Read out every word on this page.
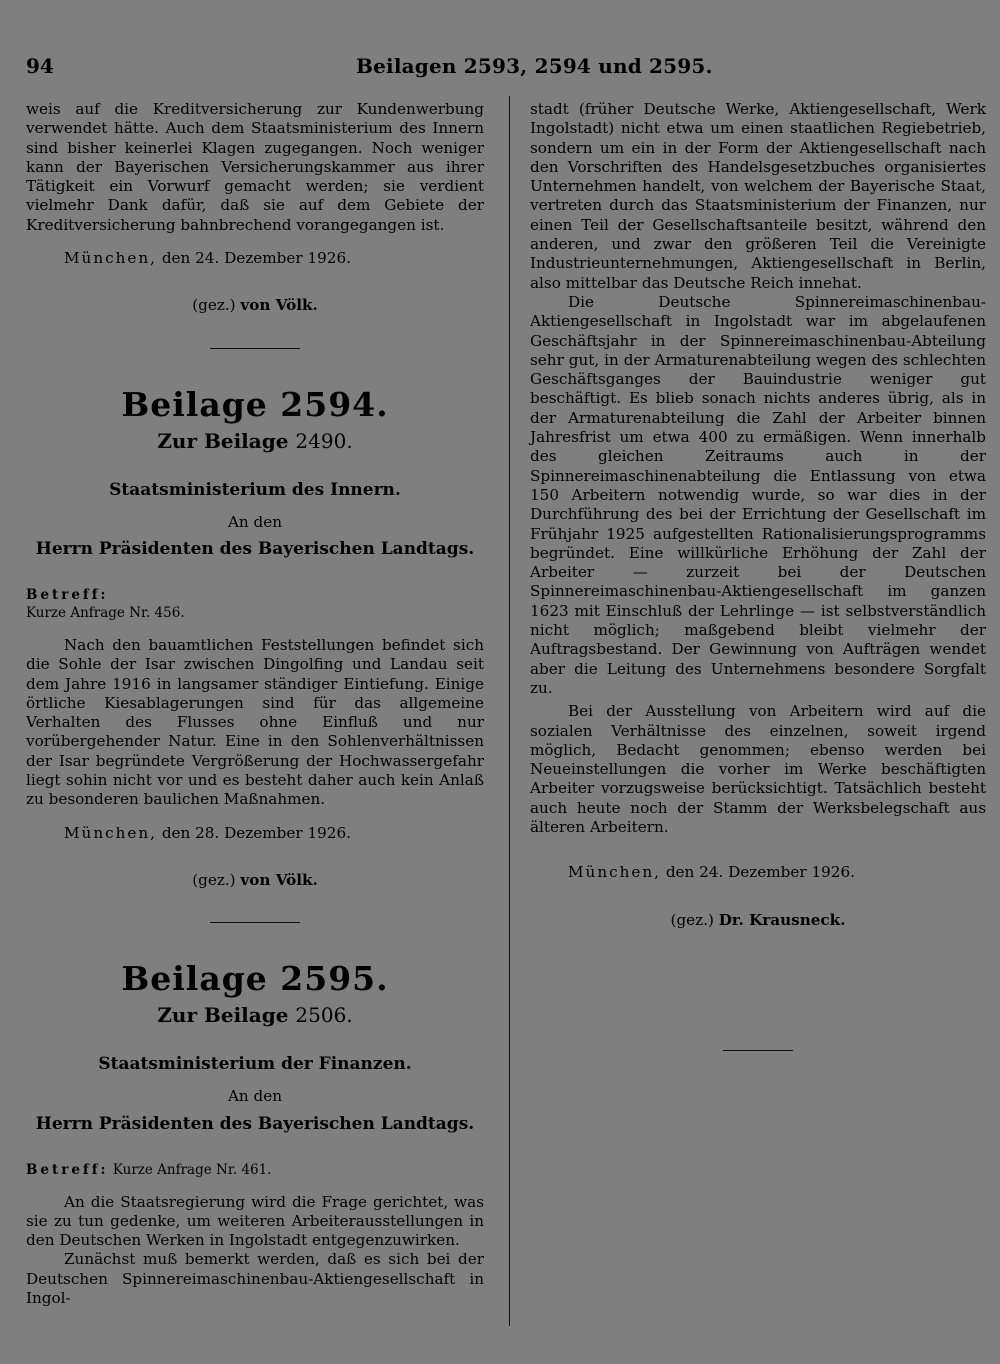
94	Beilagen 2593, 2594 und 2595.

weis auf die Kreditversicherung zur Kundenwerbung verwendet hätte. Auch dem Staatsministerium des Innern sind bisher keinerlei Klagen zugegangen. Noch weniger kann der Bayerischen Versicherungskammer aus ihrer Tätigkeit ein Vorwurf gemacht werden; sie verdient vielmehr Dank dafür, daß sie auf dem Gebiete der Kreditversicherung bahnbrechend vorangegangen ist.

München, den 24. Dezember 1926.

(gez.) von Völk.

Beilage 2594.
Zur Beilage 2490.
Staatsministerium des Innern.
An den
Herrn Präsidenten des Bayerischen Landtags.
Betreff:
Kurze Anfrage Nr. 456.

Nach den bauamtlichen Feststellungen befindet sich die Sohle der Isar zwischen Dingolfing und Landau seit dem Jahre 1916 in langsamer ständiger Eintiefung. Einige örtliche Kiesablagerungen sind für das allgemeine Verhalten des Flusses ohne Einfluß und nur vorübergehender Natur. Eine in den Sohlenverhältnissen der Isar begründete Vergrößerung der Hochwassergefahr liegt sohin nicht vor und es besteht daher auch kein Anlaß zu besonderen baulichen Maßnahmen.

München, den 28. Dezember 1926.

(gez.) von Völk.

Beilage 2595.
Zur Beilage 2506.
Staatsministerium der Finanzen.
An den
Herrn Präsidenten des Bayerischen Landtags.
Betreff: Kurze Anfrage Nr. 461.

An die Staatsregierung wird die Frage gerichtet, was sie zu tun gedenke, um weiteren Arbeiterausstellungen in den Deutschen Werken in Ingolstadt entgegenzuwirken.

Zunächst muß bemerkt werden, daß es sich bei der Deutschen Spinnereimaschinenbau-Aktiengesellschaft in Ingol-

stadt (früher Deutsche Werke, Aktiengesellschaft, Werk Ingolstadt) nicht etwa um einen staatlichen Regiebetrieb, sondern um ein in der Form der Aktiengesellschaft nach den Vorschriften des Handelsgesetzbuches organisiertes Unternehmen handelt, von welchem der Bayerische Staat, vertreten durch das Staatsministerium der Finanzen, nur einen Teil der Gesellschaftsanteile besitzt, während den anderen, und zwar den größeren Teil die Vereinigte Industrieunternehmungen, Aktiengesellschaft in Berlin, also mittelbar das Deutsche Reich innehat.

Die Deutsche Spinnereimaschinenbau-Aktiengesellschaft in Ingolstadt war im abgelaufenen Geschäftsjahr in der Spinnereimaschinenbau-Abteilung sehr gut, in der Armaturenabteilung wegen des schlechten Geschäftsganges der Bauindustrie weniger gut beschäftigt. Es blieb sonach nichts anderes übrig, als in der Armaturenabteilung die Zahl der Arbeiter binnen Jahresfrist um etwa 400 zu ermäßigen. Wenn innerhalb des gleichen Zeitraums auch in der Spinnereimaschinenabteilung die Entlassung von etwa 150 Arbeitern notwendig wurde, so war dies in der Durchführung des bei der Errichtung der Gesellschaft im Frühjahr 1925 aufgestellten Rationalisierungsprogramms begründet. Eine willkürliche Erhöhung der Zahl der Arbeiter — zurzeit bei der Deutschen Spinnereimaschinenbau-Aktiengesellschaft im ganzen 1623 mit Einschluß der Lehrlinge — ist selbstverständlich nicht möglich; maßgebend bleibt vielmehr der Auftragsbestand. Der Gewinnung von Aufträgen wendet aber die Leitung des Unternehmens besondere Sorgfalt zu.

Bei der Ausstellung von Arbeitern wird auf die sozialen Verhältnisse des einzelnen, soweit irgend möglich, Bedacht genommen; ebenso werden bei Neueinstellungen die vorher im Werke beschäftigten Arbeiter vorzugsweise berücksichtigt. Tatsächlich besteht auch heute noch der Stamm der Werksbelegschaft aus älteren Arbeitern.

München, den 24. Dezember 1926.

(gez.) Dr. Krausneck.
